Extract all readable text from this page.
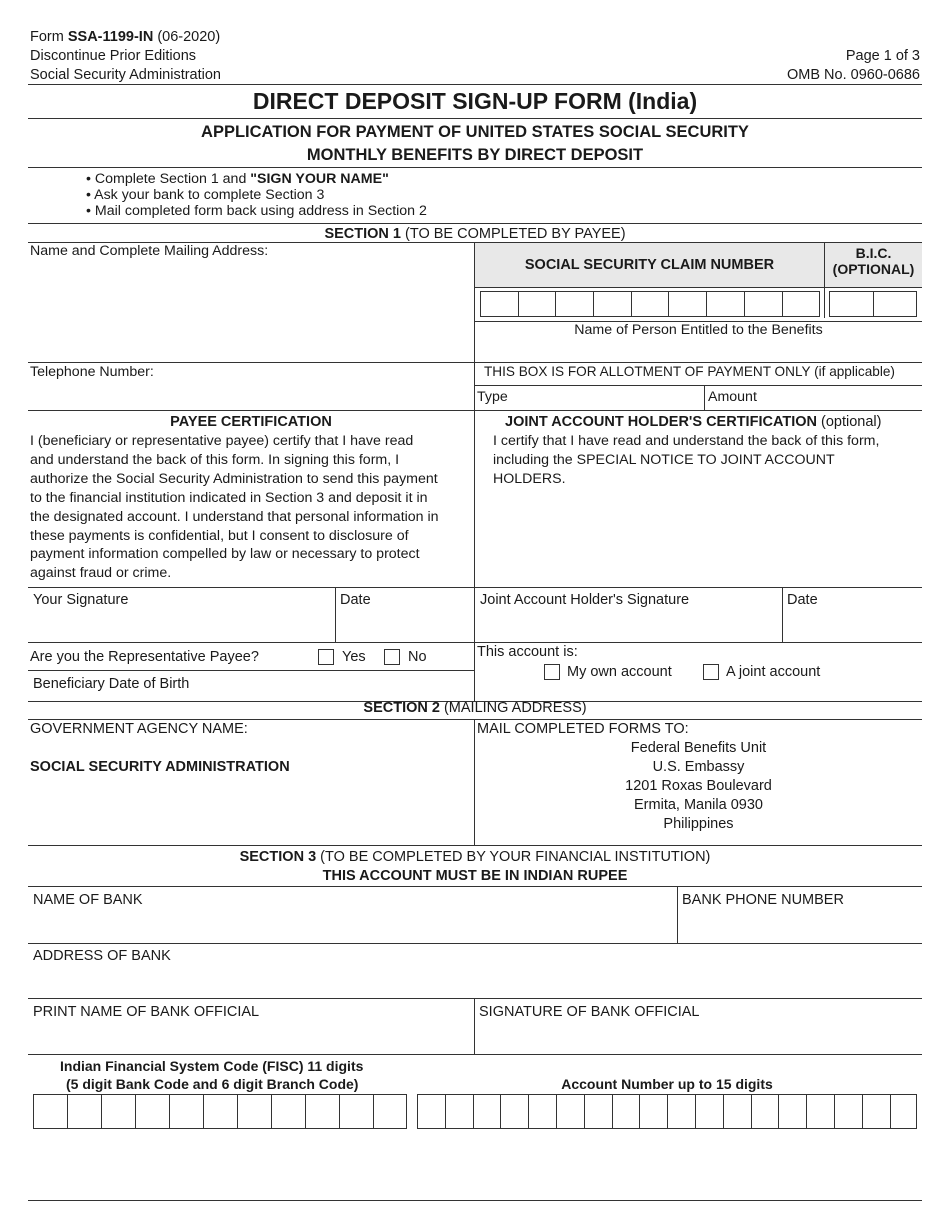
Form SSA-1199-IN (06-2020)
Discontinue Prior Editions
Social Security Administration
Page 1 of 3
OMB No. 0960-0686
DIRECT DEPOSIT SIGN-UP FORM (India)
APPLICATION FOR PAYMENT OF UNITED STATES SOCIAL SECURITY
MONTHLY BENEFITS BY DIRECT DEPOSIT
• Complete Section 1 and "SIGN YOUR NAME"
• Ask your bank to complete Section 3
• Mail completed form back using address in Section 2
SECTION 1 (TO BE COMPLETED BY PAYEE)
Name and Complete Mailing Address:
SOCIAL SECURITY CLAIM NUMBER
B.I.C.
(OPTIONAL)
Name of Person Entitled to the Benefits
Telephone Number:	THIS BOX IS FOR ALLOTMENT OF PAYMENT ONLY (if applicable)
Type	Amount
PAYEE CERTIFICATION
I (beneficiary or representative payee) certify that I have read
and understand the back of this form. In signing this form, I
authorize the Social Security Administration to send this payment
to the financial institution indicated in Section 3 and deposit it in
the designated account. I understand that personal information in
these payments is confidential, but I consent to disclosure of
payment information compelled by law or necessary to protect
against fraud or crime.
JOINT ACCOUNT HOLDER'S CERTIFICATION (optional)
I certify that I have read and understand the back of this form,
including the SPECIAL NOTICE TO JOINT ACCOUNT
HOLDERS.
Your Signature	Date	Joint Account Holder's Signature	Date
Are you the Representative Payee?	Yes	No
Beneficiary Date of Birth
This account is:
My own account	A joint account
SECTION 2 (MAILING ADDRESS)
GOVERNMENT AGENCY NAME:
SOCIAL SECURITY ADMINISTRATION
MAIL COMPLETED FORMS TO:
Federal Benefits Unit
U.S. Embassy
1201 Roxas Boulevard
Ermita, Manila 0930
Philippines
SECTION 3 (TO BE COMPLETED BY YOUR FINANCIAL INSTITUTION)
THIS ACCOUNT MUST BE IN INDIAN RUPEE
NAME OF BANK	BANK PHONE NUMBER
ADDRESS OF BANK
PRINT NAME OF BANK OFFICIAL	SIGNATURE OF BANK OFFICIAL
Indian Financial System Code (FISC) 11 digits
(5 digit Bank Code and 6 digit Branch Code)	Account Number up to 15 digits
